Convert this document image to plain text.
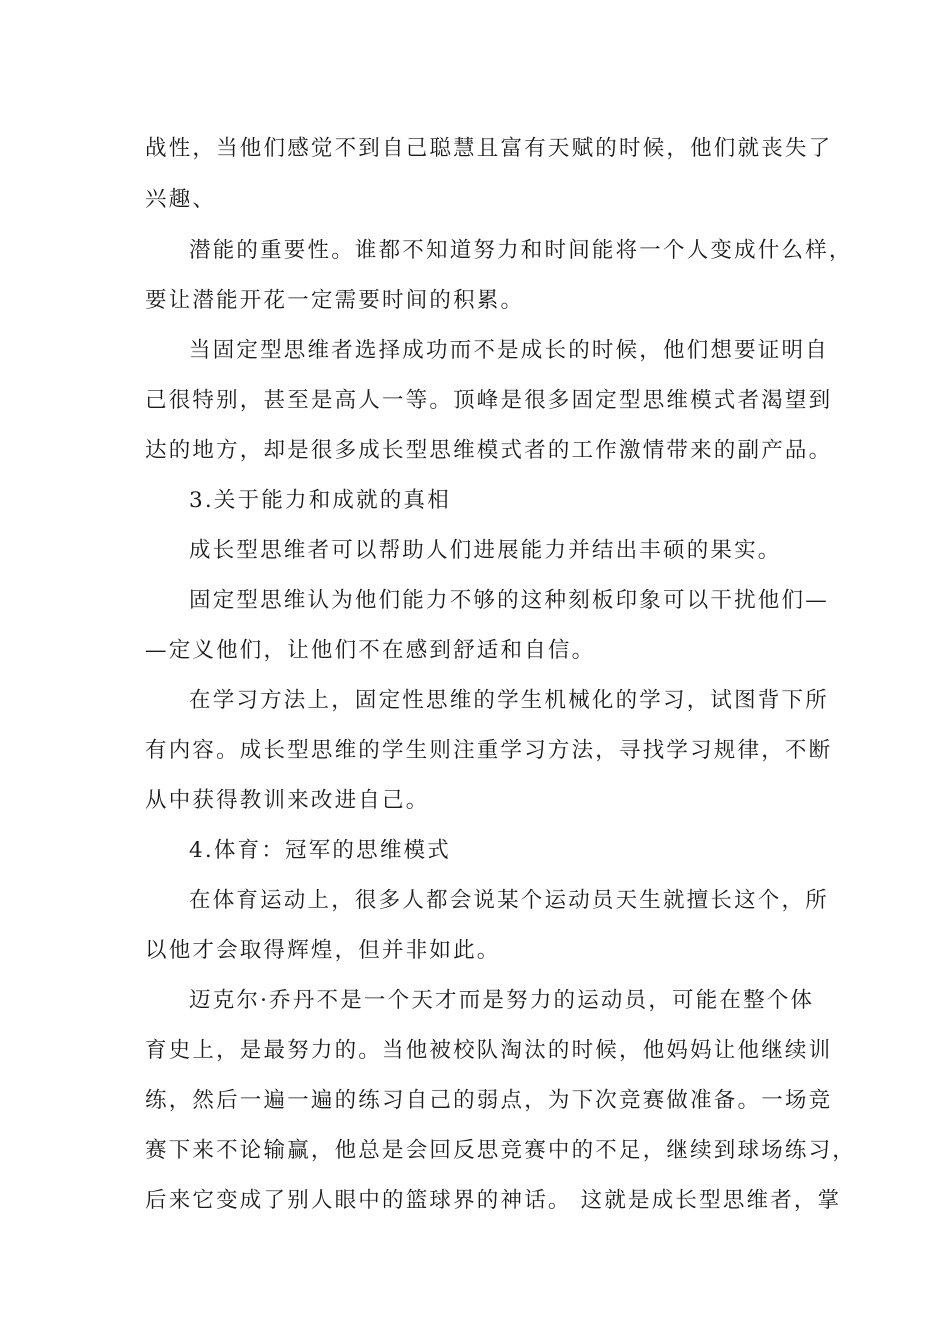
战性，当他们感觉不到自己聪慧且富有天赋的时候，他们就丧失了
兴趣、
潜能的重要性。谁都不知道努力和时间能将一个人变成什么样，
要让潜能开花一定需要时间的积累。
当固定型思维者选择成功而不是成长的时候，他们想要证明自
己很特别，甚至是高人一等。顶峰是很多固定型思维模式者渴望到
达的地方，却是很多成长型思维模式者的工作激情带来的副产品。
3.关于能力和成就的真相
成长型思维者可以帮助人们进展能力并结出丰硕的果实。
固定型思维认为他们能力不够的这种刻板印象可以干扰他们—
—定义他们，让他们不在感到舒适和自信。
在学习方法上，固定性思维的学生机械化的学习，试图背下所
有内容。成长型思维的学生则注重学习方法，寻找学习规律，不断
从中获得教训来改进自己。
4.体育：冠军的思维模式
在体育运动上，很多人都会说某个运动员天生就擅长这个，所
以他才会取得辉煌，但并非如此。
迈克尔·乔丹不是一个天才而是努力的运动员，可能在整个体
育史上，是最努力的。当他被校队淘汰的时候，他妈妈让他继续训
练，然后一遍一遍的练习自己的弱点，为下次竞赛做准备。一场竞
赛下来不论输赢，他总是会回反思竞赛中的不足，继续到球场练习，
后来它变成了别人眼中的篮球界的神话。 这就是成长型思维者，掌
